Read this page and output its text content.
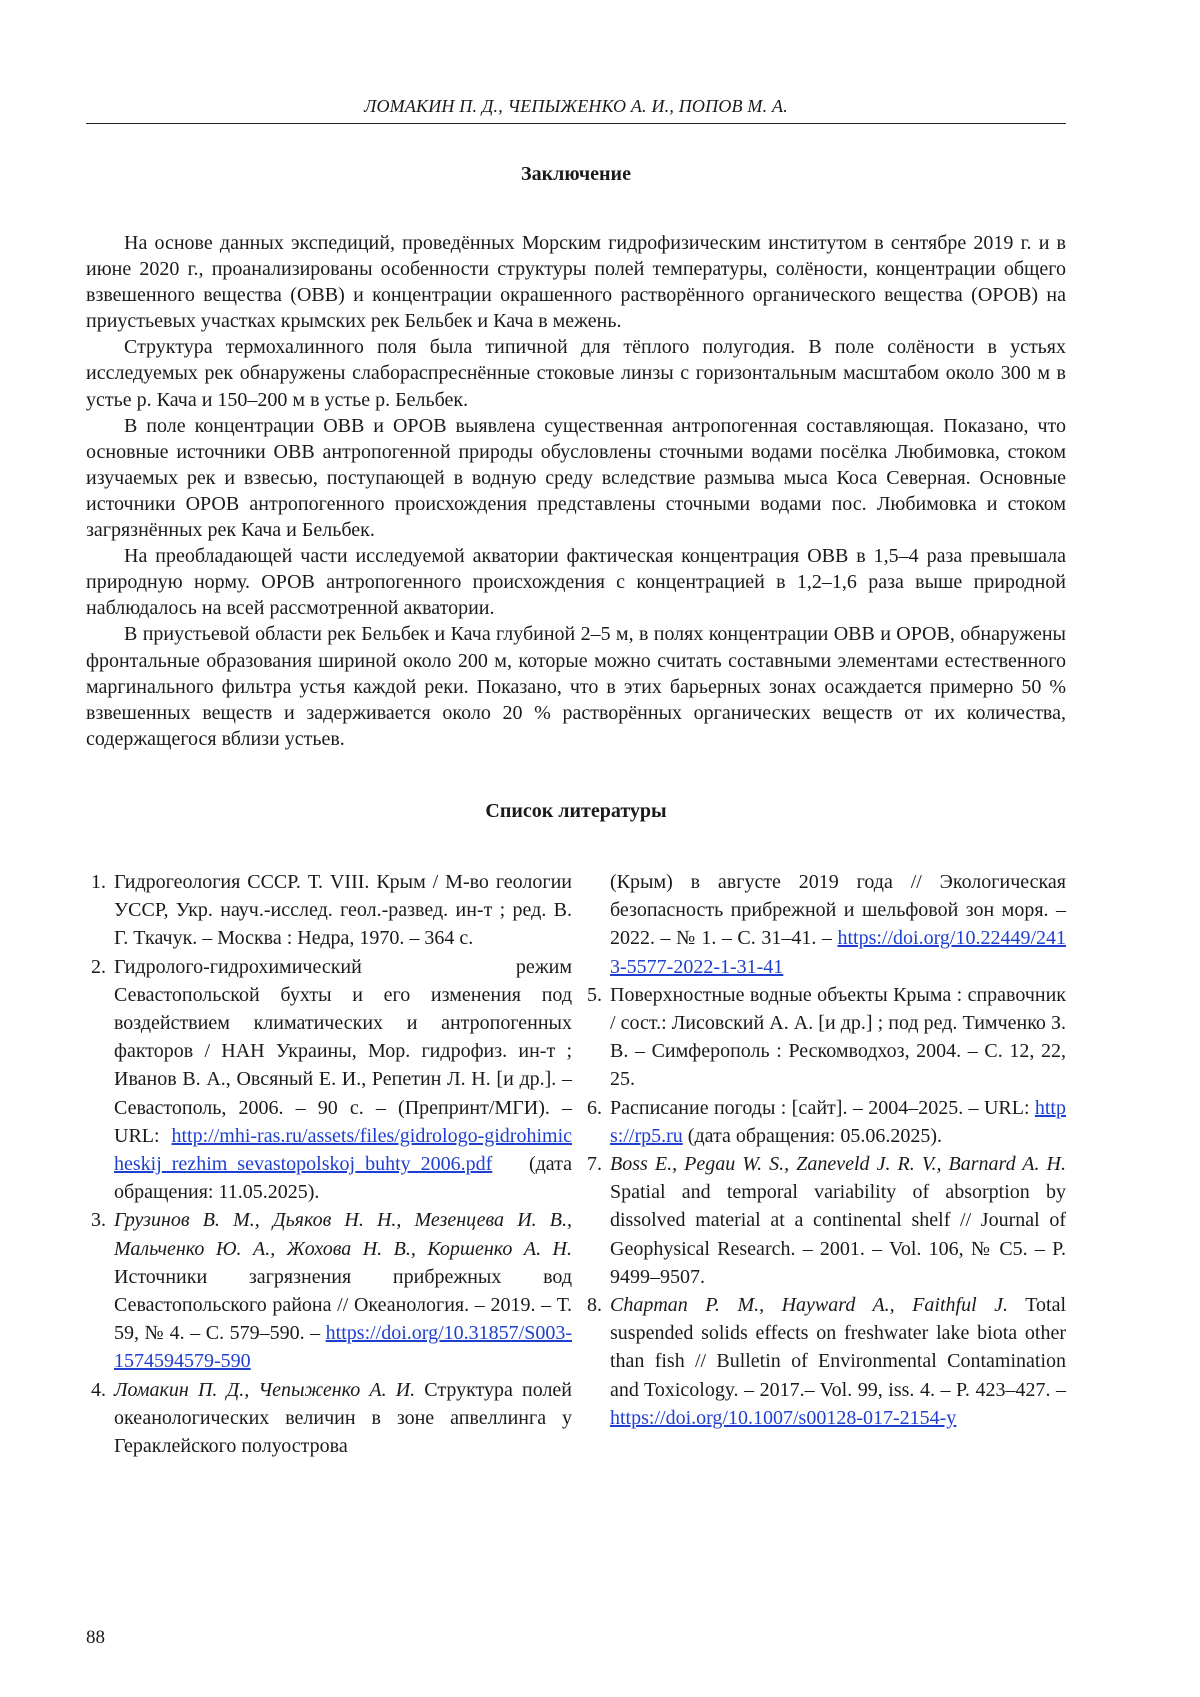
ЛОМАКИН П. Д., ЧЕПЫЖЕНКО А. И., ПОПОВ М. А.
Заключение

На основе данных экспедиций, проведённых Морским гидрофизическим институтом в сентябре 2019 г. и в июне 2020 г., проанализированы особенности структуры полей температуры, солёности, концентрации общего взвешенного вещества (ОВВ) и концентрации окрашенного растворённого органического вещества (ОРОВ) на приустьевых участках крымских рек Бельбек и Кача в межень.

Структура термохалинного поля была типичной для тёплого полугодия. В поле солёности в устьях исследуемых рек обнаружены слабораспреснённые стоковые линзы с горизонтальным масштабом около 300 м в устье р. Кача и 150–200 м в устье р. Бельбек.

В поле концентрации ОВВ и ОРОВ выявлена существенная антропогенная составляющая. Показано, что основные источники ОВВ антропогенной природы обусловлены сточными водами посёлка Любимовка, стоком изучаемых рек и взвесью, поступающей в водную среду вследствие размыва мыса Коса Северная. Основные источники ОРОВ антропогенного происхождения представлены сточными водами пос. Любимовка и стоком загрязнённых рек Кача и Бельбек.

На преобладающей части исследуемой акватории фактическая концентрация ОВВ в 1,5–4 раза превышала природную норму. ОРОВ антропогенного происхождения с концентрацией в 1,2–1,6 раза выше природной наблюдалось на всей рассмотренной акватории.

В приустьевой области рек Бельбек и Кача глубиной 2–5 м, в полях концентрации ОВВ и ОРОВ, обнаружены фронтальные образования шириной около 200 м, которые можно считать составными элементами естественного маргинального фильтра устья каждой реки. Показано, что в этих барьерных зонах осаждается примерно 50 % взвешенных веществ и задерживается около 20 % растворённых органических веществ от их количества, содержащегося вблизи устьев.

Список литературы
1. Гидрогеология СССР. Т. VIII. Крым / М-во геологии УССР, Укр. науч.-исслед. геол.-развед. ин-т ; ред. В. Г. Ткачук. – Москва : Недра, 1970. – 364 с.
2. Гидролого-гидрохимический режим Севастопольской бухты и его изменения под воздействием климатических и антропогенных факторов / НАН Украины, Мор. гидрофиз. ин-т ; Иванов В. А., Овсяный Е. И., Репетин Л. Н. [и др.]. – Севастополь, 2006. – 90 с. – (Препринт/МГИ). – URL: http://mhi-ras.ru/assets/files/gidrologo-gidrohimicheskij_rezhim_sevastopolskoj_buhty_2006.pdf (дата обращения: 11.05.2025).
3. Грузинов В. М., Дьяков Н. Н., Мезенцева И. В., Мальченко Ю. А., Жохова Н. В., Коршенко А. Н. Источники загрязнения прибрежных вод Севастопольского района // Океанология. – 2019. – Т. 59, № 4. – С. 579–590. – https://doi.org/10.31857/S003-1574594579-590
4. Ломакин П. Д., Чепыженко А. И. Структура полей океанологических величин в зоне апвеллинга у Гераклейского полуострова
(Крым) в августе 2019 года // Экологическая безопасность прибрежной и шельфовой зон моря. – 2022. – № 1. – С. 31–41. – https://doi.org/10.22449/2413-5577-2022-1-31-41
5. Поверхностные водные объекты Крыма : справочник / сост.: Лисовский А. А. [и др.] ; под ред. Тимченко З. В. – Симферополь : Рескомводхоз, 2004. – С. 12, 22, 25.
6. Расписание погоды : [сайт]. – 2004–2025. – URL: https://rp5.ru (дата обращения: 05.06.2025).
7. Boss E., Pegau W. S., Zaneveld J. R. V., Barnard A. H. Spatial and temporal variability of absorption by dissolved material at a continental shelf // Journal of Geophysical Research. – 2001. – Vol. 106, № C5. – P. 9499–9507.
8. Chapman P. M., Hayward A., Faithful J. Total suspended solids effects on freshwater lake biota other than fish // Bulletin of Environmental Contamination and Toxicology. – 2017.– Vol. 99, iss. 4. – P. 423–427. – https://doi.org/10.1007/s00128-017-2154-y
88
